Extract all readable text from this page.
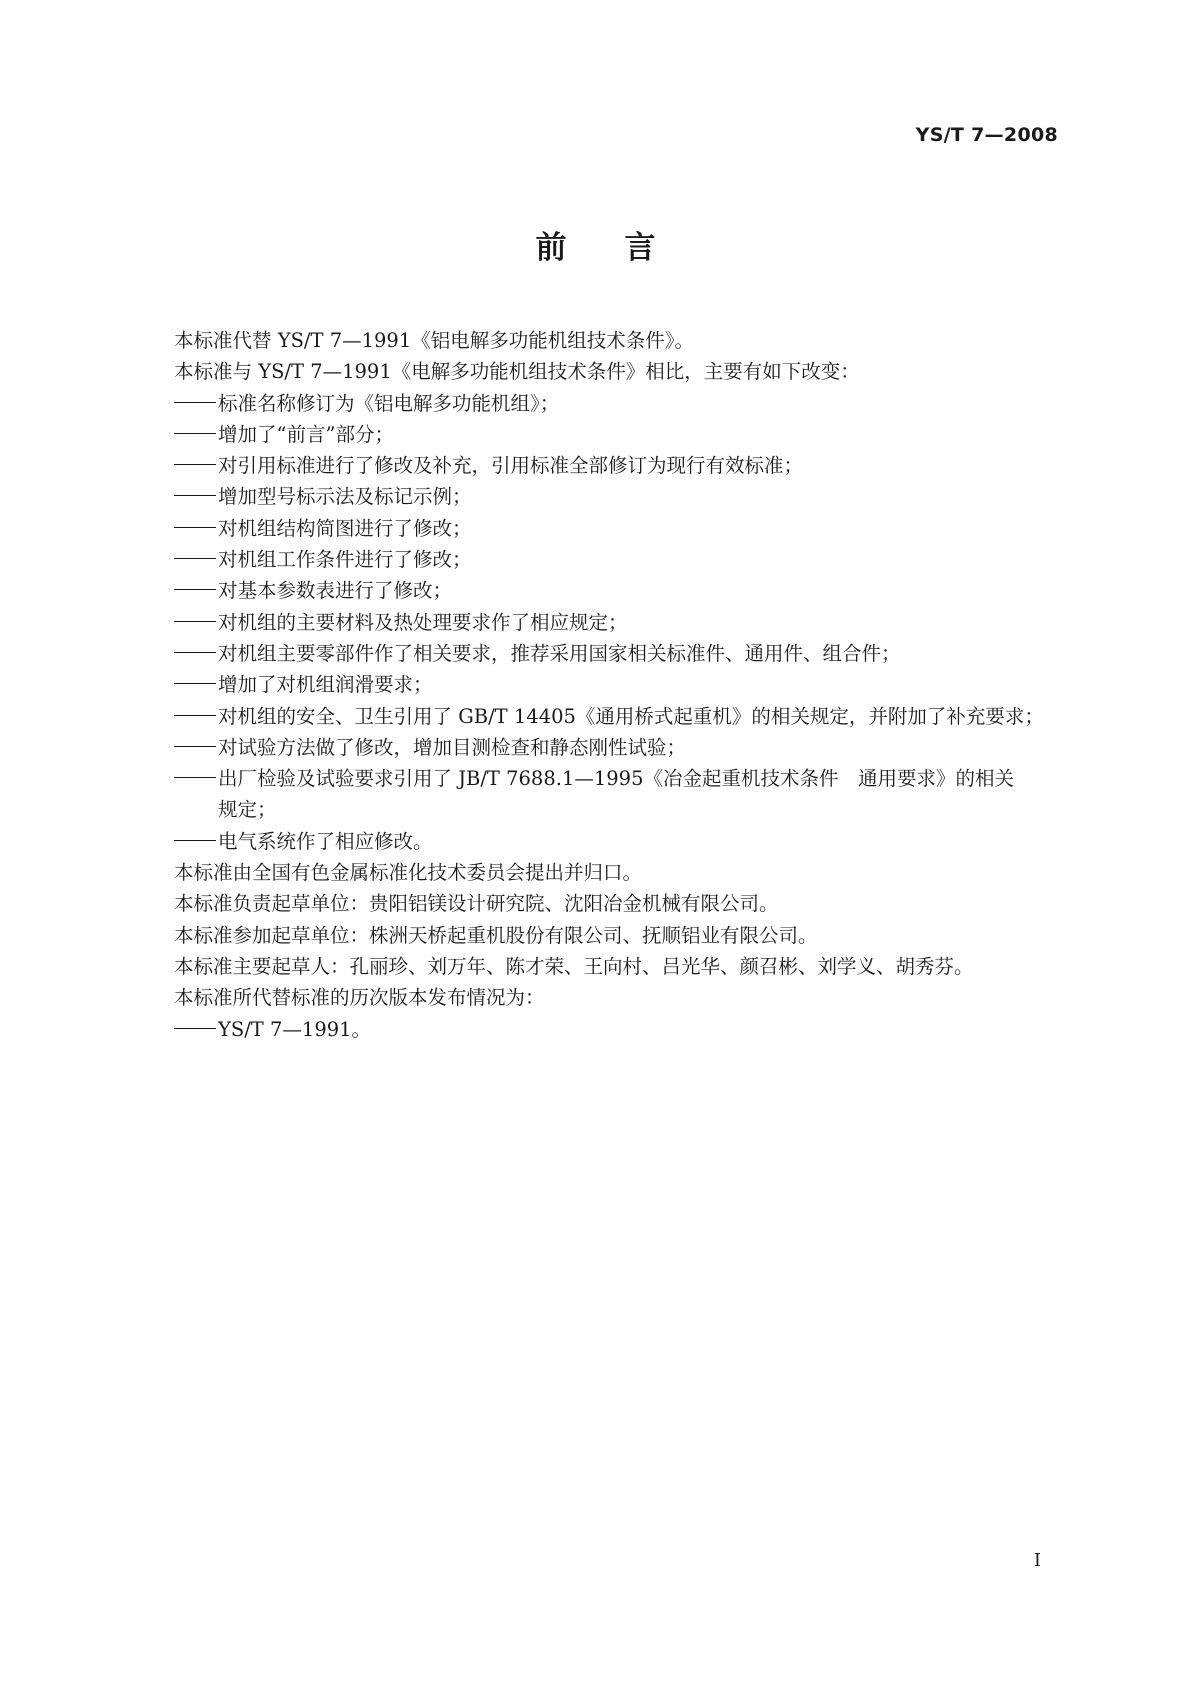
YS/T 7—2008
前 言
本标准代替 YS/T 7—1991《铝电解多功能机组技术条件》。
本标准与 YS/T 7—1991《电解多功能机组技术条件》相比，主要有如下改变：
标准名称修订为《铝电解多功能机组》；
增加了“前言”部分；
对引用标准进行了修改及补充，引用标准全部修订为现行有效标准；
增加型号标示法及标记示例；
对机组结构简图进行了修改；
对机组工作条件进行了修改；
对基本参数表进行了修改；
对机组的主要材料及热处理要求作了相应规定；
对机组主要零部件作了相关要求，推荐采用国家相关标准件、通用件、组合件；
增加了对机组润滑要求；
对机组的安全、卫生引用了 GB/T 14405《通用桥式起重机》的相关规定，并附加了补充要求；
对试验方法做了修改，增加目测检查和静态刚性试验；
出厂检验及试验要求引用了 JB/T 7688.1—1995《冶金起重机技术条件　通用要求》的相关
规定；
电气系统作了相应修改。
本标准由全国有色金属标准化技术委员会提出并归口。
本标准负责起草单位：贵阳铝镁设计研究院、沈阳冶金机械有限公司。
本标准参加起草单位：株洲天桥起重机股份有限公司、抚顺铝业有限公司。
本标准主要起草人：孔丽珍、刘万年、陈才荣、王向村、吕光华、颜召彬、刘学义、胡秀芬。
本标准所代替标准的历次版本发布情况为：
YS/T 7—1991。
I
